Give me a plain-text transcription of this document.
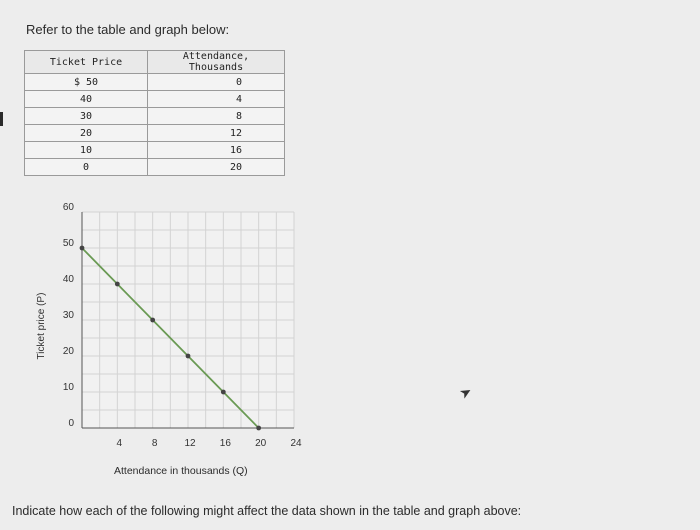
Refer to the table and graph below:
Ticket Price	Attendance, Thousands
$ 50	0
40	4
30	8
20	12
10	16
0	20
0
10
20
30
40
50
60
4	8	12 16 20 24
Ticket price (P)
Attendance in thousands (Q)
Indicate how each of the following might affect the data shown in the table and graph above:
➤
